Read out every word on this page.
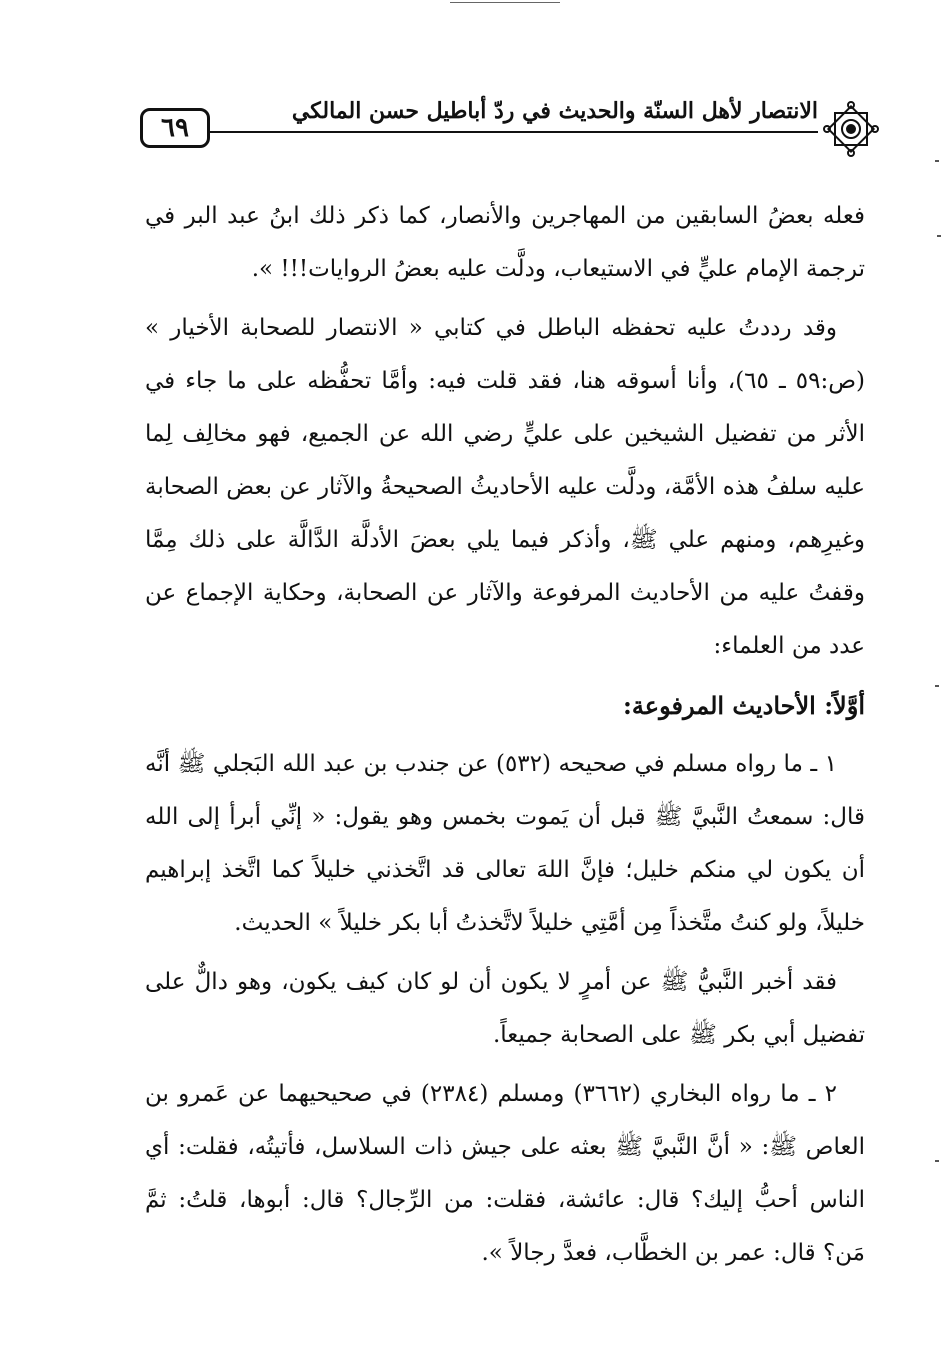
٦٩
الانتصار لأهل السنّة والحديث في ردّ أباطيل حسن المالكي

فعله بعضُ السابقين من المهاجرين والأنصار، كما ذكر ذلك ابنُ عبد البر في ترجمة الإمام عليٍّ في الاستيعاب، ودلَّت عليه بعضُ الروايات!!! ».

وقد رددتُ عليه تحفظه الباطل في كتابي « الانتصار للصحابة الأخيار » (ص:٥٩ ـ ٦٥)، وأنا أسوقه هنا، فقد قلت فيه: وأمَّا تحفُّظه على ما جاء في الأثر من تفضيل الشيخين على عليٍّ رضي الله عن الجميع، فهو مخالِف لِما عليه سلفُ هذه الأمَّة، ودلَّت عليه الأحاديثُ الصحيحةُ والآثار عن بعض الصحابة وغيرِهم، ومنهم علي ﷺ، وأذكر فيما يلي بعضَ الأدلَّة الدَّالَّة على ذلك مِمَّا وقفتُ عليه من الأحاديث المرفوعة والآثار عن الصحابة، وحكاية الإجماع عن عدد من العلماء:

أوَّلاً: الأحاديث المرفوعة:

١ ـ ما رواه مسلم في صحيحه (٥٣٢) عن جندب بن عبد الله البَجلي ﷺ أنَّه قال: سمعتُ النَّبيَّ ﷺ قبل أن يَموت بخمس وهو يقول: « إنِّي أبرأ إلى الله أن يكون لي منكم خليل؛ فإنَّ اللهَ تعالى قد اتَّخذني خليلاً كما اتَّخذ إبراهيم خليلاً، ولو كنتُ متَّخذاً مِن أمَّتِي خليلاً لاتَّخذتُ أبا بكر خليلاً » الحديث.

فقد أخبر النَّبيُّ ﷺ عن أمرٍ لا يكون أن لو كان كيف يكون، وهو دالٌّ على تفضيل أبي بكر ﷺ على الصحابة جميعاً.

٢ ـ ما رواه البخاري (٣٦٦٢) ومسلم (٢٣٨٤) في صحيحيهما عن عَمرو بن العاص ﷺ: « أنَّ النَّبيَّ ﷺ بعثه على جيش ذات السلاسل، فأتيتُه، فقلت: أي الناس أحبُّ إليك؟ قال: عائشة، فقلت: من الرِّجال؟ قال: أبوها، قلتُ: ثمَّ مَن؟ قال: عمر بن الخطَّاب، فعدَّ رجالاً ».
